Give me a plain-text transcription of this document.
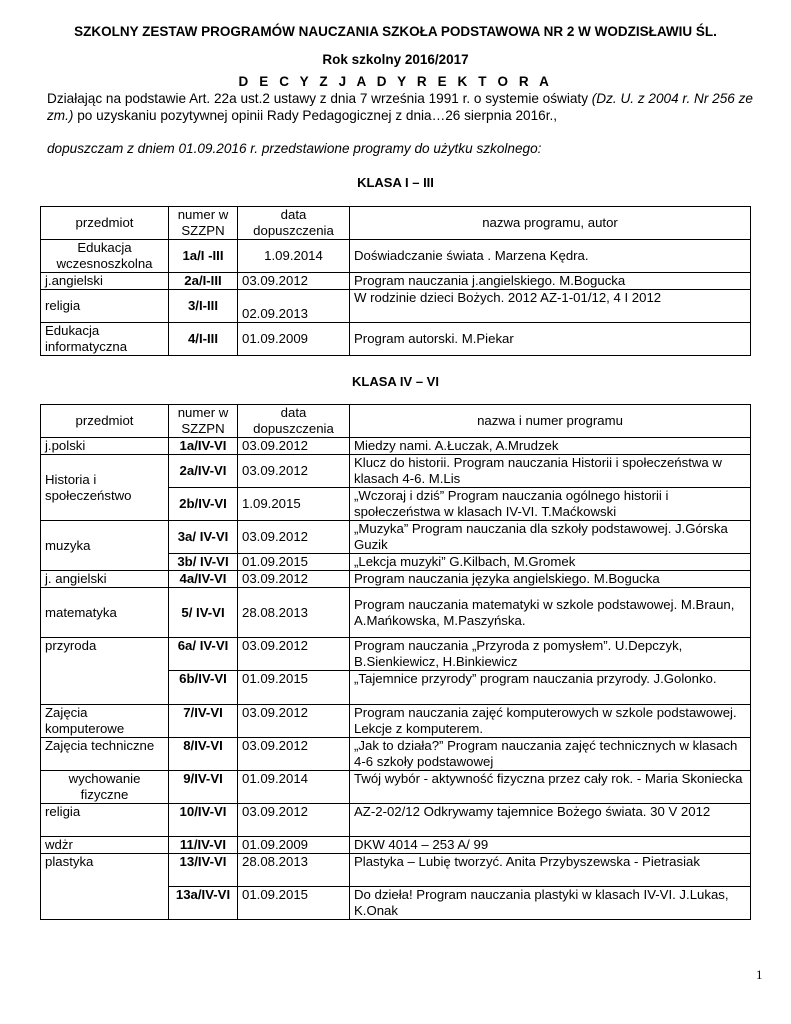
SZKOLNY ZESTAW PROGRAMÓW NAUCZANIA SZKOŁA PODSTAWOWA NR 2 W WODZISŁAWIU ŚL.
Rok szkolny 2016/2017
D E C Y Z J A D Y R E K T O R A
Działając na podstawie Art. 22a ust.2 ustawy z dnia 7 września 1991 r. o systemie oświaty (Dz. U. z 2004 r. Nr 256 ze zm.) po uzyskaniu pozytywnej opinii Rady Pedagogicznej z dnia…26 sierpnia 2016r.,
dopuszczam z dniem 01.09.2016 r. przedstawione programy do użytku szkolnego:
KLASA I – III
przedmiot	numer w SZZPN	data dopuszczenia	nazwa programu, autor
Edukacja wczesnoszkolna	1a/I -III	1.09.2014	Doświadczanie świata . Marzena Kędra.
j.angielski	2a/I-III	03.09.2012	Program nauczania j.angielskiego. M.Bogucka
religia	3/I-III	02.09.2013	W rodzinie dzieci Bożych. 2012 AZ-1-01/12, 4 I 2012
Edukacja informatyczna	4/I-III	01.09.2009	Program autorski. M.Piekar
KLASA IV – VI
przedmiot	numer w SZZPN	data dopuszczenia	nazwa i numer programu
j.polski	1a/IV-VI	03.09.2012	Miedzy nami. A.Łuczak, A.Mrudzek
Historia i społeczeństwo	2a/IV-VI	03.09.2012	Klucz do historii. Program nauczania Historii i społeczeństwa w klasach 4-6. M.Lis
	2b/IV-VI	1.09.2015	„Wczoraj i dziś” Program nauczania ogólnego historii i społeczeństwa w klasach IV-VI. T.Maćkowski
muzyka	3a/ IV-VI	03.09.2012	„Muzyka” Program nauczania dla szkoły podstawowej. J.Górska Guzik
	3b/ IV-VI	01.09.2015	„Lekcja muzyki” G.Kilbach, M.Gromek
j. angielski	4a/IV-VI	03.09.2012	Program nauczania języka angielskiego. M.Bogucka
matematyka	5/ IV-VI	28.08.2013	Program nauczania matematyki w szkole podstawowej. M.Braun, A.Mańkowska, M.Paszyńska.
przyroda	6a/ IV-VI	03.09.2012	Program nauczania „Przyroda z pomysłem”. U.Depczyk, B.Sienkiewicz, H.Binkiewicz
	6b/IV-VI	01.09.2015	„Tajemnice przyrody” program nauczania przyrody. J.Golonko.
Zajęcia komputerowe	7/IV-VI	03.09.2012	Program nauczania zajęć komputerowych w szkole podstawowej. Lekcje z komputerem.
Zajęcia techniczne	8/IV-VI	03.09.2012	„Jak to działa?” Program nauczania zajęć technicznych w klasach 4-6 szkoły podstawowej
wychowanie fizyczne	9/IV-VI	01.09.2014	Twój wybór - aktywność fizyczna przez cały rok. - Maria Skoniecka
religia	10/IV-VI	03.09.2012	AZ-2-02/12 Odkrywamy tajemnice Bożego świata. 30 V 2012
wdżr	11/IV-VI	01.09.2009	DKW 4014 – 253 A/ 99
plastyka	13/IV-VI	28.08.2013	Plastyka – Lubię tworzyć. Anita Przybyszewska - Pietrasiak
	13a/IV-VI	01.09.2015	Do dzieła! Program nauczania plastyki w klasach IV-VI. J.Lukas, K.Onak
1
